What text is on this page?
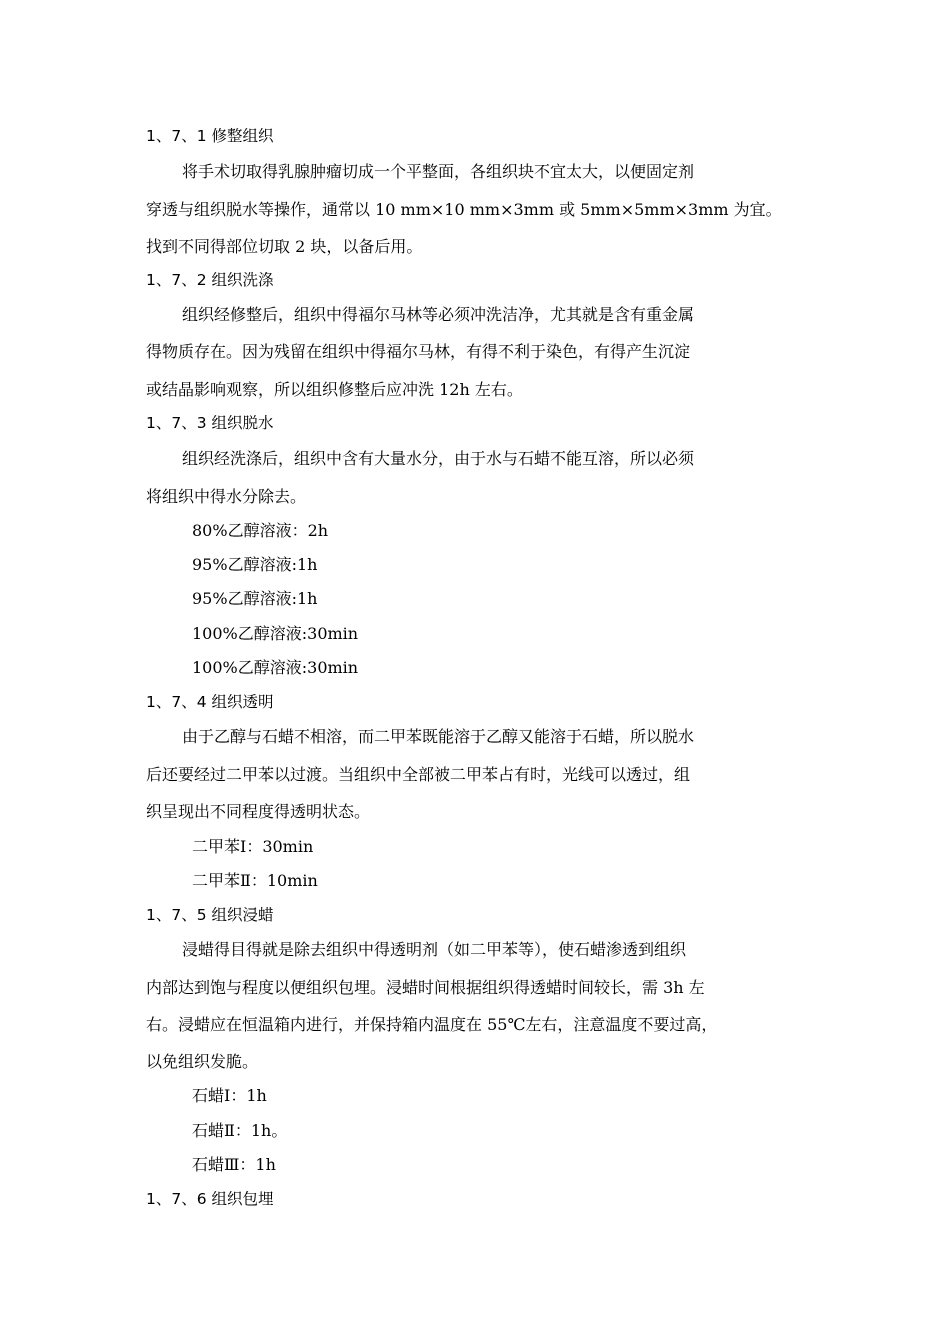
1、7、1 修整组织
将手术切取得乳腺肿瘤切成一个平整面，各组织块不宜太大，以便固定剂
穿透与组织脱水等操作，通常以 10 mm×10 mm×3mm 或 5mm×5mm×3mm 为宜。
找到不同得部位切取 2 块，以备后用。
1、7、2 组织洗涤
组织经修整后，组织中得福尔马林等必须冲洗洁净，尤其就是含有重金属
得物质存在。因为残留在组织中得福尔马林，有得不利于染色，有得产生沉淀
或结晶影响观察，所以组织修整后应冲洗 12h 左右。
1、7、3 组织脱水
组织经洗涤后，组织中含有大量水分，由于水与石蜡不能互溶，所以必须
将组织中得水分除去。
80%乙醇溶液：2h
95%乙醇溶液:1h
95%乙醇溶液:1h
100%乙醇溶液:30min
100%乙醇溶液:30min
1、7、4 组织透明
由于乙醇与石蜡不相溶，而二甲苯既能溶于乙醇又能溶于石蜡，所以脱水
后还要经过二甲苯以过渡。当组织中全部被二甲苯占有时，光线可以透过，组
织呈现出不同程度得透明状态。
二甲苯Ⅰ：30min
二甲苯Ⅱ：10min
1、7、5 组织浸蜡
浸蜡得目得就是除去组织中得透明剂（如二甲苯等），使石蜡渗透到组织
内部达到饱与程度以便组织包埋。浸蜡时间根据组织得透蜡时间较长，需 3h 左
右。浸蜡应在恒温箱内进行，并保持箱内温度在 55℃左右，注意温度不要过高，
以免组织发脆。
石蜡Ⅰ：1h
石蜡Ⅱ：1h。
石蜡Ⅲ：1h
1、7、6 组织包埋
